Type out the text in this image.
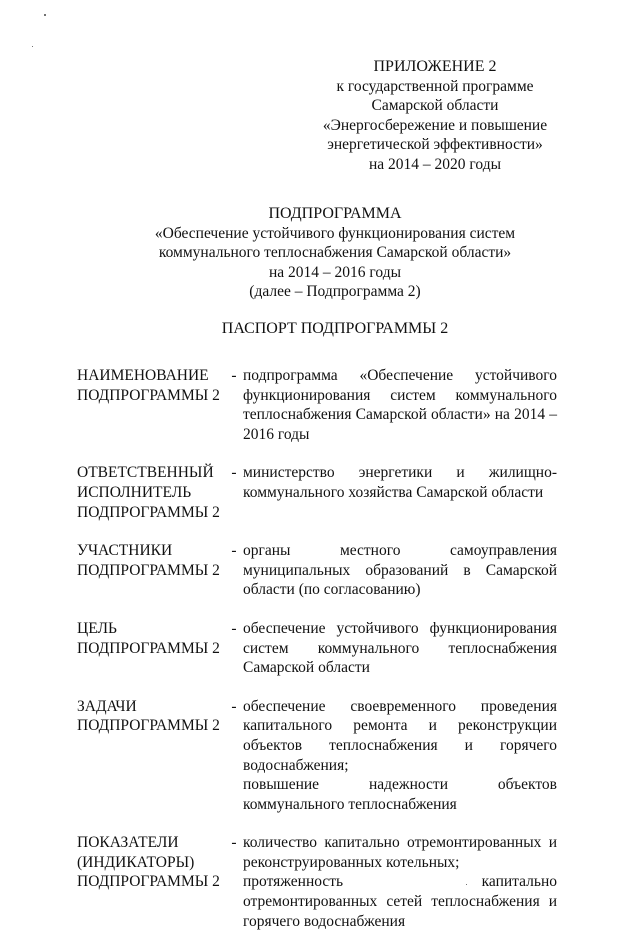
ПРИЛОЖЕНИЕ 2
к государственной программе
Самарской области
«Энергосбережение и повышение
энергетической эффективности»
на 2014 – 2020 годы
ПОДПРОГРАММА
«Обеспечение устойчивого функционирования систем
коммунального теплоснабжения Самарской области»
на 2014 – 2016 годы
(далее – Подпрограмма 2)
ПАСПОРТ ПОДПРОГРАММЫ 2
НАИМЕНОВАНИЕ
ПОДПРОГРАММЫ 2
- подпрограмма «Обеспечение устойчивого функционирования систем коммунального теплоснабжения Самарской области» на 2014 – 2016 годы

ОТВЕТСТВЕННЫЙ
ИСПОЛНИТЕЛЬ
ПОДПРОГРАММЫ 2
- министерство энергетики и жилищно-коммунального хозяйства Самарской области

УЧАСТНИКИ
ПОДПРОГРАММЫ 2
- органы местного самоуправления муниципальных образований в Самарской области (по согласованию)

ЦЕЛЬ
ПОДПРОГРАММЫ 2
- обеспечение устойчивого функционирования систем коммунального теплоснабжения Самарской области

ЗАДАЧИ
ПОДПРОГРАММЫ 2
- обеспечение своевременного проведения капитального ремонта и реконструкции объектов теплоснабжения и горячего водоснабжения;

повышение надежности объектов коммунального теплоснабжения

ПОКАЗАТЕЛИ
(ИНДИКАТОРЫ)
ПОДПРОГРАММЫ 2
- количество капитально отремонтированных и реконструированных котельных;

протяженность капитально отремонтированных сетей теплоснабжения и горячего водоснабжения
